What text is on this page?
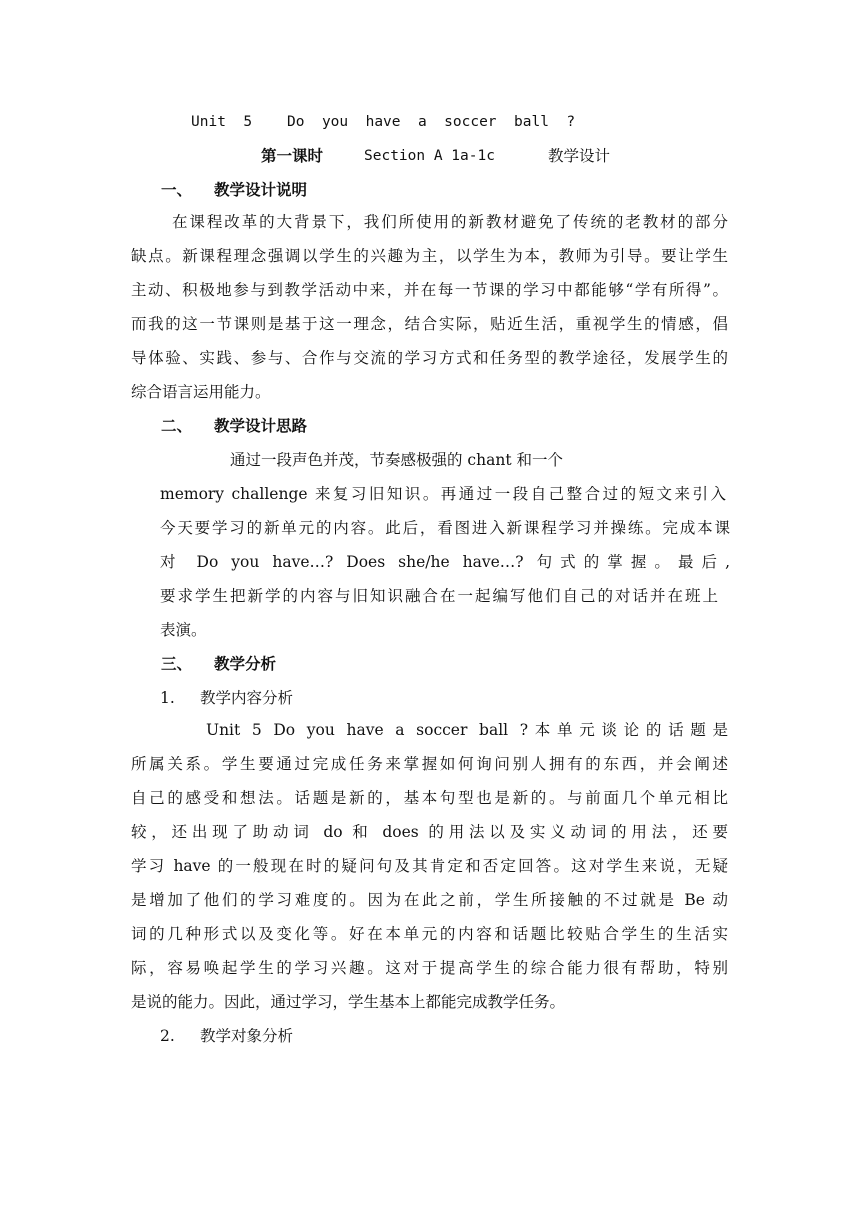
Unit  5    Do  you  have  a  soccer  ball  ?
第一课时	Section A 1a-1c	教学设计
一、 教学设计说明
在课程改革的大背景下，我们所使用的新教材避免了传统的老教材的部分
缺点。新课程理念强调以学生的兴趣为主，以学生为本，教师为引导。要让学生
主动、积极地参与到教学活动中来，并在每一节课的学习中都能够“学有所得”。
而我的这一节课则是基于这一理念，结合实际，贴近生活，重视学生的情感，倡
导体验、实践、参与、合作与交流的学习方式和任务型的教学途径，发展学生的
综合语言运用能力。
二、 教学设计思路
通过一段声色并茂，节奏感极强的 chant 和一个
memory challenge 来复习旧知识。再通过一段自己整合过的短文来引入
今天要学习的新单元的内容。此后，看图进入新课程学习并操练。完成本课
对 Do you have…? Does she/he have…? 句式的掌握。最后,
要求学生把新学的内容与旧知识融合在一起编写他们自己的对话并在班上
表演。
三、 教学分析
1. 教学内容分析
Unit 5 Do you have a soccer ball ?本单元谈论的话题是
所属关系。学生要通过完成任务来掌握如何询问别人拥有的东西，并会阐述
自己的感受和想法。话题是新的，基本句型也是新的。与前面几个单元相比
较，还出现了助动词 do 和 does 的用法以及实义动词的用法，还要
学习 have 的一般现在时的疑问句及其肯定和否定回答。这对学生来说，无疑
是增加了他们的学习难度的。因为在此之前，学生所接触的不过就是 Be 动
词的几种形式以及变化等。好在本单元的内容和话题比较贴合学生的生活实
际，容易唤起学生的学习兴趣。这对于提高学生的综合能力很有帮助，特别
是说的能力。因此，通过学习，学生基本上都能完成教学任务。
2. 教学对象分析
